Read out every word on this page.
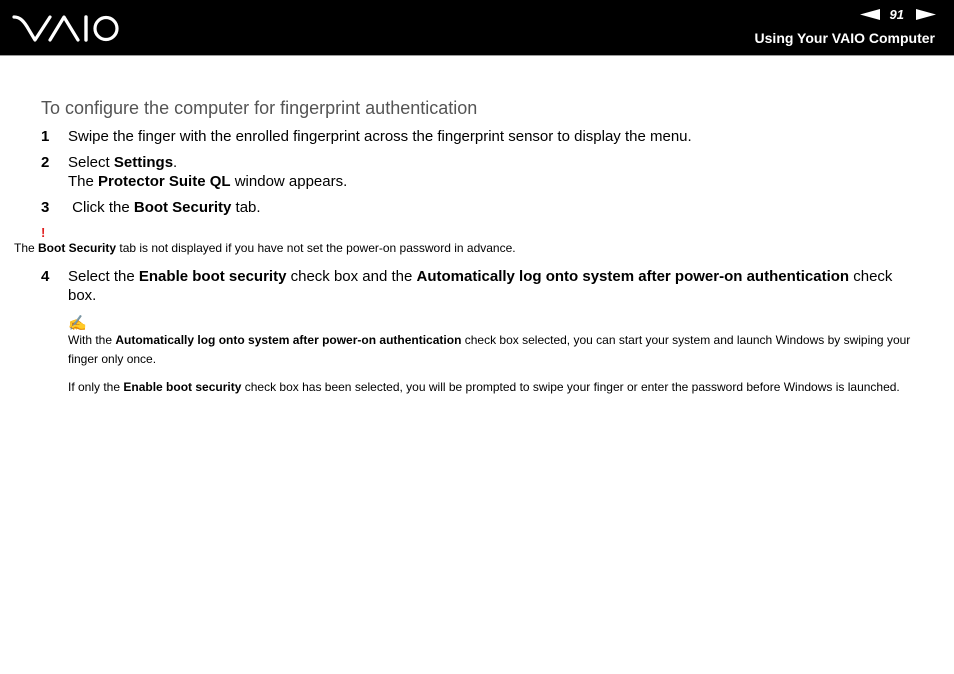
91
Using Your VAIO Computer
To configure the computer for fingerprint authentication
1 Swipe the finger with the enrolled fingerprint across the fingerprint sensor to display the menu.
2 Select Settings.
The Protector Suite QL window appears.
3 Click the Boot Security tab.
!
The Boot Security tab is not displayed if you have not set the power-on password in advance.
4 Select the Enable boot security check box and the Automatically log onto system after power-on authentication check box.
✍

With the Automatically log onto system after power-on authentication check box selected, you can start your system and launch Windows by swiping your finger only once.

If only the Enable boot security check box has been selected, you will be prompted to swipe your finger or enter the password before Windows is launched.
